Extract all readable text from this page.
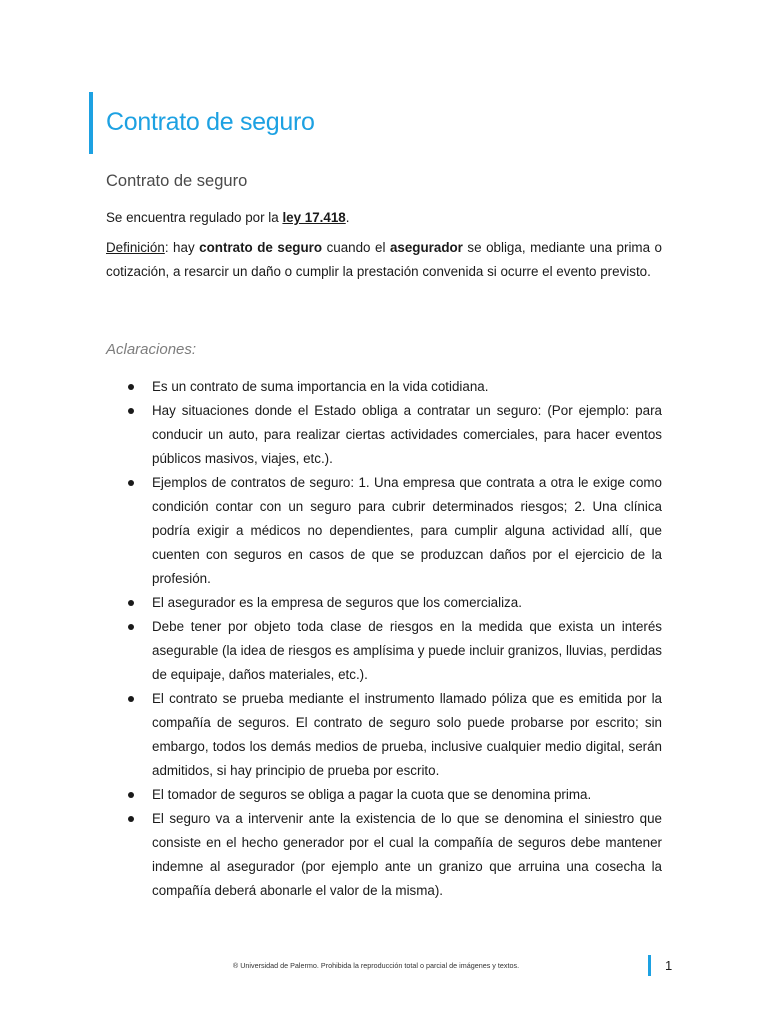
Contrato de seguro
Contrato de seguro
Se encuentra regulado por la ley 17.418.
Definición: hay contrato de seguro cuando el asegurador se obliga, mediante una prima o cotización, a resarcir un daño o cumplir la prestación convenida si ocurre el evento previsto.
Aclaraciones:
Es un contrato de suma importancia en la vida cotidiana.
Hay situaciones donde el Estado obliga a contratar un seguro: (Por ejemplo: para conducir un auto, para realizar ciertas actividades comerciales, para hacer eventos públicos masivos, viajes, etc.).
Ejemplos de contratos de seguro: 1. Una empresa que contrata a otra le exige como condición contar con un seguro para cubrir determinados riesgos; 2. Una clínica podría exigir a médicos no dependientes, para cumplir alguna actividad allí, que cuenten con seguros en casos de que se produzcan daños por el ejercicio de la profesión.
El asegurador es la empresa de seguros que los comercializa.
Debe tener por objeto toda clase de riesgos en la medida que exista un interés asegurable (la idea de riesgos es amplísima y puede incluir granizos, lluvias, perdidas de equipaje, daños materiales, etc.).
El contrato se prueba mediante el instrumento llamado póliza que es emitida por la compañía de seguros. El contrato de seguro solo puede probarse por escrito; sin embargo, todos los demás medios de prueba, inclusive cualquier medio digital, serán admitidos, si hay principio de prueba por escrito.
El tomador de seguros se obliga a pagar la cuota que se denomina prima.
El seguro va a intervenir ante la existencia de lo que se denomina el siniestro que consiste en el hecho generador por el cual la compañía de seguros debe mantener indemne al asegurador (por ejemplo ante un granizo que arruina una cosecha la compañía deberá abonarle el valor de la misma).
® Universidad de Palermo. Prohibida la reproducción total o parcial de imágenes y textos.	1
